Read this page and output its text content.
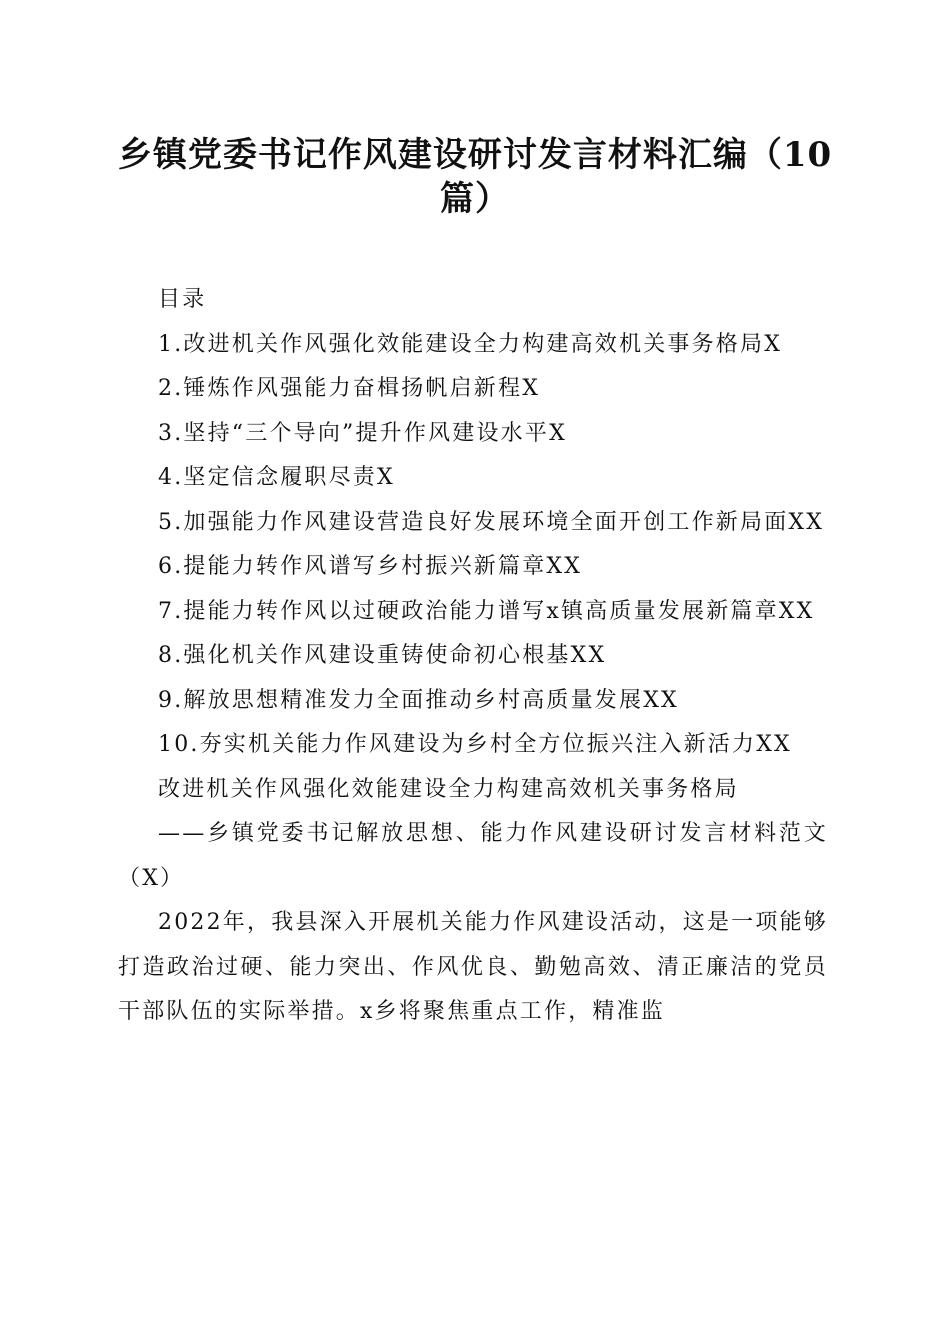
乡镇党委书记作风建设研讨发言材料汇编（10
篇）

目录

1.改进机关作风强化效能建设全力构建高效机关事务格局X

2.锤炼作风强能力奋楫扬帆启新程X

3.坚持“三个导向”提升作风建设水平X

4.坚定信念履职尽责X

5.加强能力作风建设营造良好发展环境全面开创工作新局面XX

6.提能力转作风谱写乡村振兴新篇章XX

7.提能力转作风以过硬政治能力谱写x镇高质量发展新篇章XX

8.强化机关作风建设重铸使命初心根基XX

9.解放思想精准发力全面推动乡村高质量发展XX

10.夯实机关能力作风建设为乡村全方位振兴注入新活力XX

改进机关作风强化效能建设全力构建高效机关事务格局

——乡镇党委书记解放思想、能力作风建设研讨发言材料范文（X）

2022年，我县深入开展机关能力作风建设活动，这是一项能够打造政治过硬、能力突出、作风优良、勤勉高效、清正廉洁的党员干部队伍的实际举措。x乡将聚焦重点工作，精准监
